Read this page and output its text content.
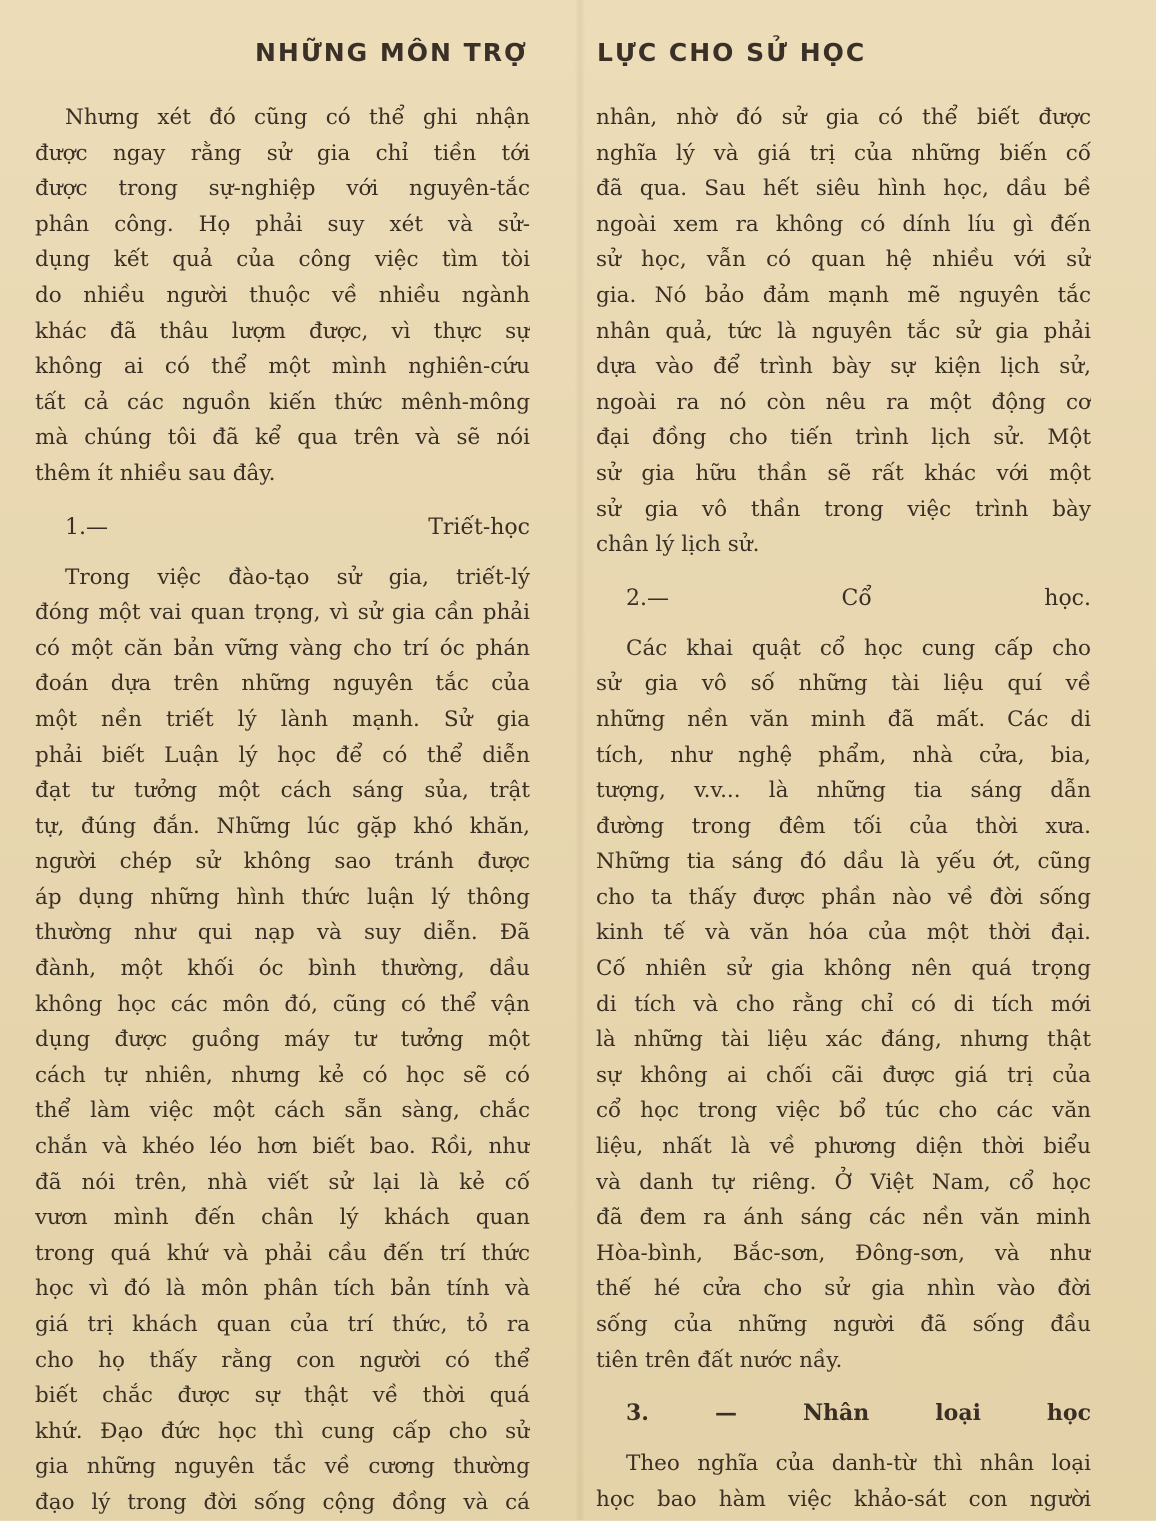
NHỮNG MÔN TRỢ	LỰC CHO SỬ HỌC
Nhưng xét đó cũng có thể ghi nhận
được ngay rằng sử gia chỉ tiền tới
được trong sự-nghiệp với nguyên-tắc
phân công. Họ phải suy xét và sử-
dụng kết quả của công việc tìm tòi
do nhiều người thuộc về nhiều ngành
khác đã thâu lượm được, vì thực sự
không ai có thể một mình nghiên-cứu
tất cả các nguồn kiến thức mênh-mông
mà chúng tôi đã kể qua trên và sẽ nói
thêm ít nhiều sau đây.
1.— Triết-học
Trong việc đào-tạo sử gia, triết-lý
đóng một vai quan trọng, vì sử gia cần phải
có một căn bản vững vàng cho trí óc phán
đoán dựa trên những nguyên tắc của
một nền triết lý lành mạnh. Sử gia
phải biết Luận lý học để có thể diễn
đạt tư tưởng một cách sáng sủa, trật
tự, đúng đắn. Những lúc gặp khó khăn,
người chép sử không sao tránh được
áp dụng những hình thức luận lý thông
thường như qui nạp và suy diễn. Đã
đành, một khối óc bình thường, dầu
không học các môn đó, cũng có thể vận
dụng được guồng máy tư tưởng một
cách tự nhiên, nhưng kẻ có học sẽ có
thể làm việc một cách sẵn sàng, chắc
chắn và khéo léo hơn biết bao. Rồi, như
đã nói trên, nhà viết sử lại là kẻ cố
vươn mình đến chân lý khách quan
trong quá khứ và phải cầu đến trí thức
học vì đó là môn phân tích bản tính và
giá trị khách quan của trí thức, tỏ ra
cho họ thấy rằng con người có thể
biết chắc được sự thật về thời quá
khứ. Đạo đức học thì cung cấp cho sử
gia những nguyên tắc về cương thường
đạo lý trong đời sống cộng đồng và cá
nhân, nhờ đó sử gia có thể biết được
nghĩa lý và giá trị của những biến cố
đã qua. Sau hết siêu hình học, dầu bề
ngoài xem ra không có dính líu gì đến
sử học, vẫn có quan hệ nhiều với sử
gia. Nó bảo đảm mạnh mẽ nguyên tắc
nhân quả, tức là nguyên tắc sử gia phải
dựa vào để trình bày sự kiện lịch sử,
ngoài ra nó còn nêu ra một động cơ
đại đồng cho tiến trình lịch sử. Một
sử gia hữu thần sẽ rất khác với một
sử gia vô thần trong việc trình bày
chân lý lịch sử.
2.— Cổ học.
Các khai quật cổ học cung cấp cho
sử gia vô số những tài liệu quí về
những nền văn minh đã mất. Các di
tích, như nghệ phẩm, nhà cửa, bia,
tượng, v.v... là những tia sáng dẫn
đường trong đêm tối của thời xưa.
Những tia sáng đó dầu là yếu ớt, cũng
cho ta thấy được phần nào về đời sống
kinh tế và văn hóa của một thời đại.
Cố nhiên sử gia không nên quá trọng
di tích và cho rằng chỉ có di tích mới
là những tài liệu xác đáng, nhưng thật
sự không ai chối cãi được giá trị của
cổ học trong việc bổ túc cho các văn
liệu, nhất là về phương diện thời biểu
và danh tự riêng. Ở Việt Nam, cổ học
đã đem ra ánh sáng các nền văn minh
Hòa-bình, Bắc-sơn, Đông-sơn, và như
thế hé cửa cho sử gia nhìn vào đời
sống của những người đã sống đầu
tiên trên đất nước nầy.
3. — Nhân loại học
Theo nghĩa của danh-từ thì nhân loại
học bao hàm việc khảo-sát con người
